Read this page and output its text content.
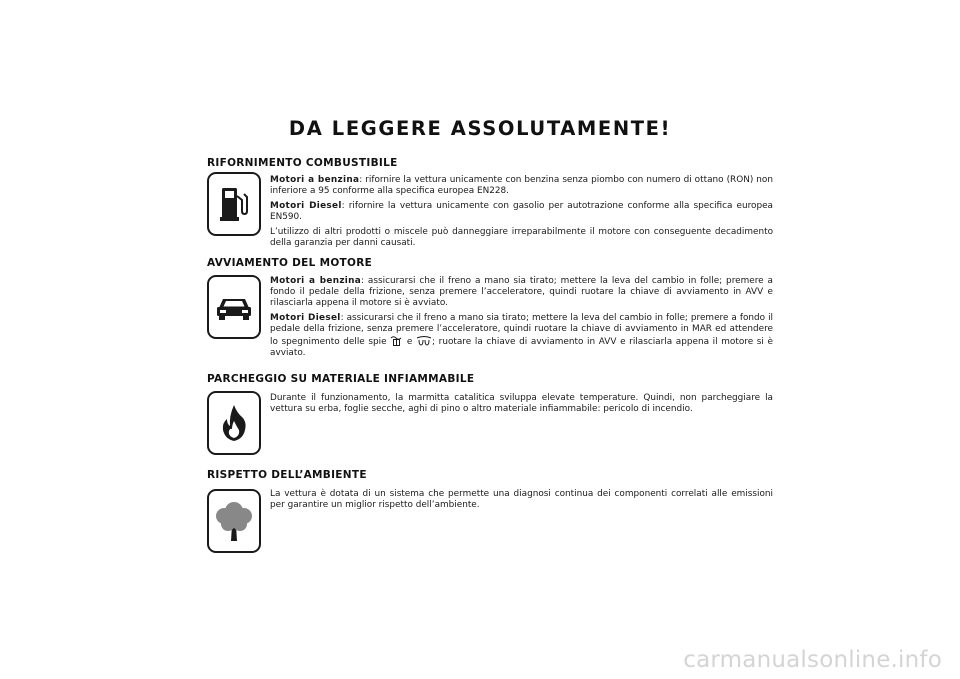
DA LEGGERE ASSOLUTAMENTE!
RIFORNIMENTO COMBUSTIBILE

Motori a benzina: rifornire la vettura unicamente con benzina senza piombo con numero di ottano (RON) non inferiore a 95 conforme alla specifica europea EN228.

Motori Diesel: rifornire la vettura unicamente con gasolio per autotrazione conforme alla specifica europea EN590.

L’utilizzo di altri prodotti o miscele può danneggiare irreparabilmente il motore con conseguente decadimento della garanzia per danni causati.

AVVIAMENTO DEL MOTORE

Motori a benzina: assicurarsi che il freno a mano sia tirato; mettere la leva del cambio in folle; premere a fondo il pedale della frizione, senza premere l’acceleratore, quindi ruotare la chiave di avviamento in AVV e rilasciarla appena il motore si è avviato.

Motori Diesel: assicurarsi che il freno a mano sia tirato; mettere la leva del cambio in folle; premere a fondo il pedale della frizione, senza premere l’acceleratore, quindi ruotare la chiave di avviamento in MAR ed attendere lo spegnimento delle spie e ; ruotare la chiave di avviamento in AVV e rilasciarla appena il motore si è avviato.

PARCHEGGIO SU MATERIALE INFIAMMABILE

Durante il funzionamento, la marmitta catalitica sviluppa elevate temperature. Quindi, non parcheggiare la vettura su erba, foglie secche, aghi di pino o altro materiale infiammabile: pericolo di incendio.

RISPETTO DELL’AMBIENTE

La vettura è dotata di un sistema che permette una diagnosi continua dei componenti correlati alle emissioni per garantire un miglior rispetto dell’ambiente.

carmanualsonline.info
